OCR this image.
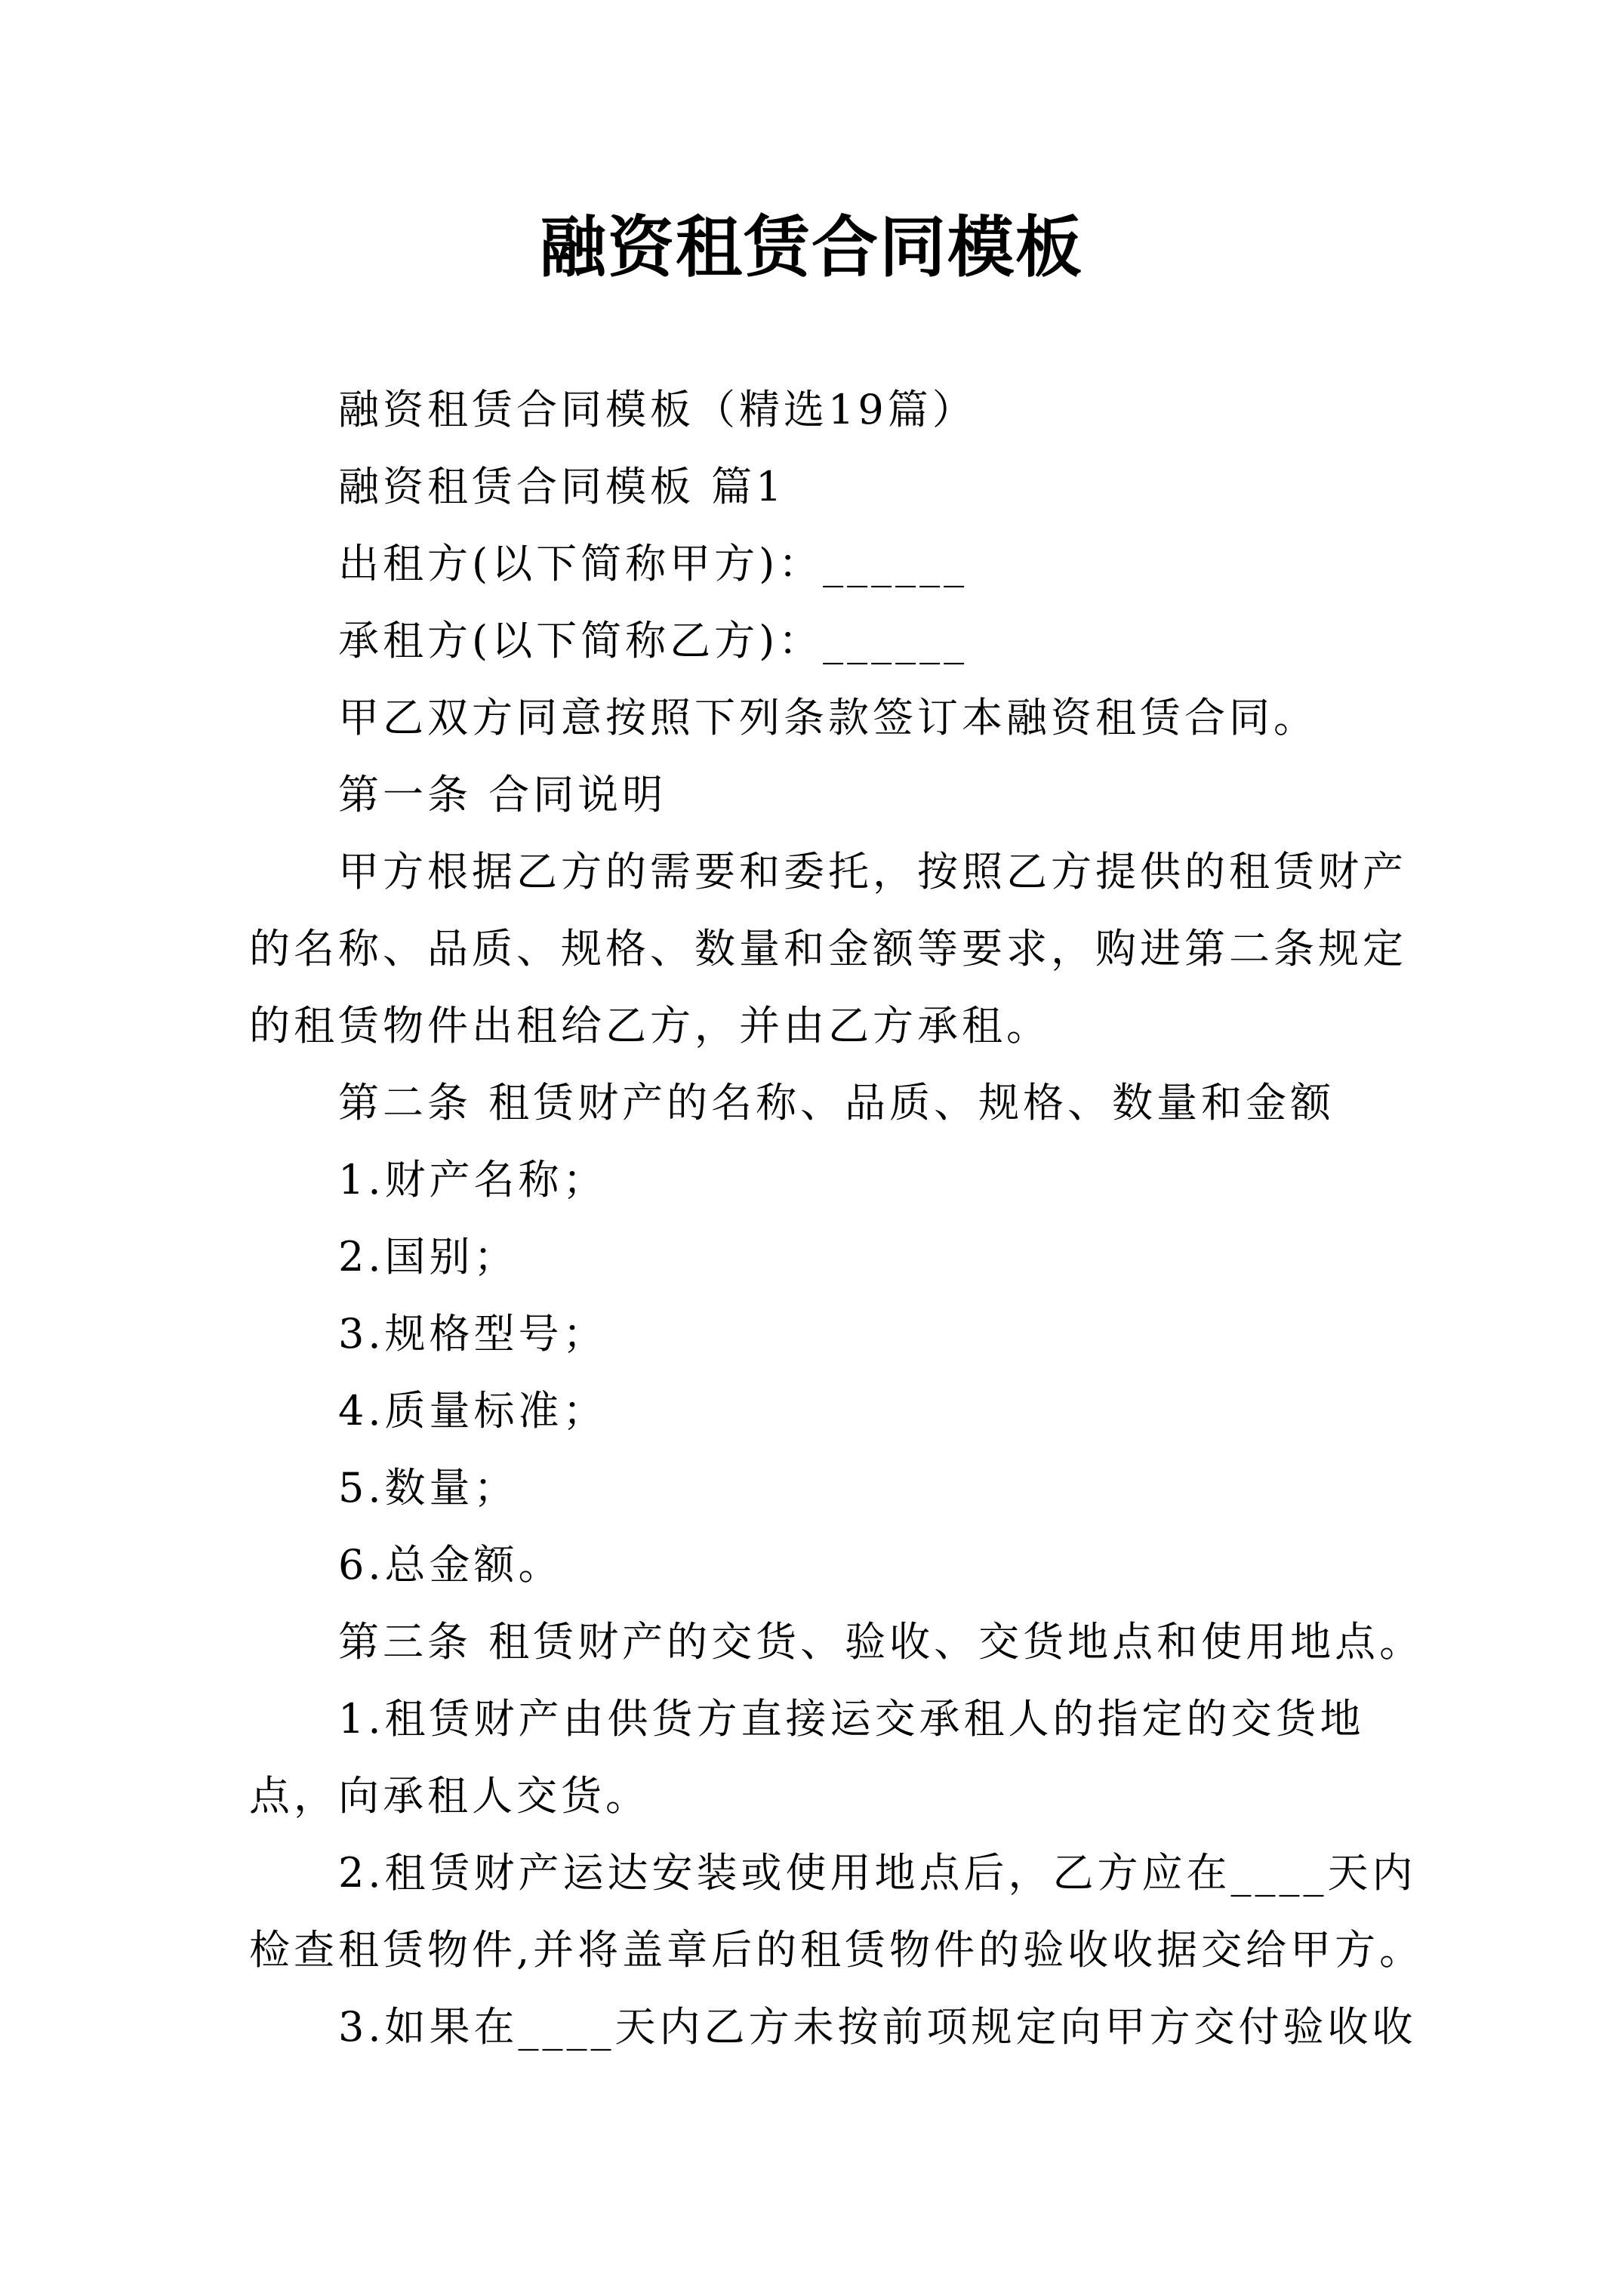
融资租赁合同模板
融资租赁合同模板（精选19篇）
融资租赁合同模板 篇1
出租方(以下简称甲方)：______
承租方(以下简称乙方)：______
甲乙双方同意按照下列条款签订本融资租赁合同。
第一条 合同说明
甲方根据乙方的需要和委托，按照乙方提供的租赁财产
的名称、品质、规格、数量和金额等要求，购进第二条规定
的租赁物件出租给乙方，并由乙方承租。
第二条 租赁财产的名称、品质、规格、数量和金额
1.财产名称；
2.国别；
3.规格型号；
4.质量标准；
5.数量；
6.总金额。
第三条 租赁财产的交货、验收、交货地点和使用地点。
1.租赁财产由供货方直接运交承租人的指定的交货地
点，向承租人交货。
2.租赁财产运达安装或使用地点后，乙方应在____天内
检查租赁物件,并将盖章后的租赁物件的验收收据交给甲方。
3.如果在____天内乙方未按前项规定向甲方交付验收收
